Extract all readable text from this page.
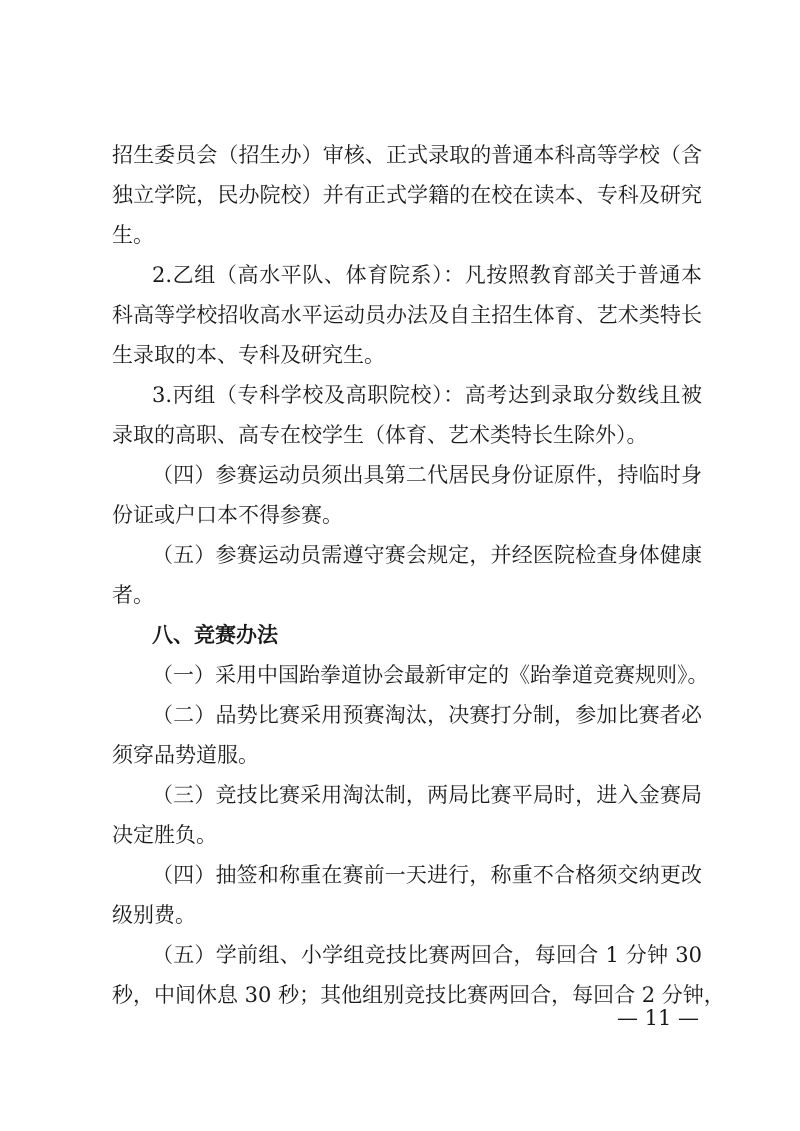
招生委员会（招生办）审核、正式录取的普通本科高等学校（含
独立学院，民办院校）并有正式学籍的在校在读本、专科及研究
生。
2.乙组（高水平队、体育院系）：凡按照教育部关于普通本
科高等学校招收高水平运动员办法及自主招生体育、艺术类特长
生录取的本、专科及研究生。
3.丙组（专科学校及高职院校）：高考达到录取分数线且被
录取的高职、高专在校学生（体育、艺术类特长生除外）。
（四）参赛运动员须出具第二代居民身份证原件，持临时身
份证或户口本不得参赛。
（五）参赛运动员需遵守赛会规定，并经医院检查身体健康
者。
八、竞赛办法
（一）采用中国跆拳道协会最新审定的《跆拳道竞赛规则》。
（二）品势比赛采用预赛淘汰，决赛打分制，参加比赛者必
须穿品势道服。
（三）竞技比赛采用淘汰制，两局比赛平局时，进入金赛局
决定胜负。
（四）抽签和称重在赛前一天进行，称重不合格须交纳更改
级别费。
（五）学前组、小学组竞技比赛两回合，每回合 1 分钟 30
秒，中间休息 30 秒；其他组别竞技比赛两回合，每回合 2 分钟，
— 11 —
